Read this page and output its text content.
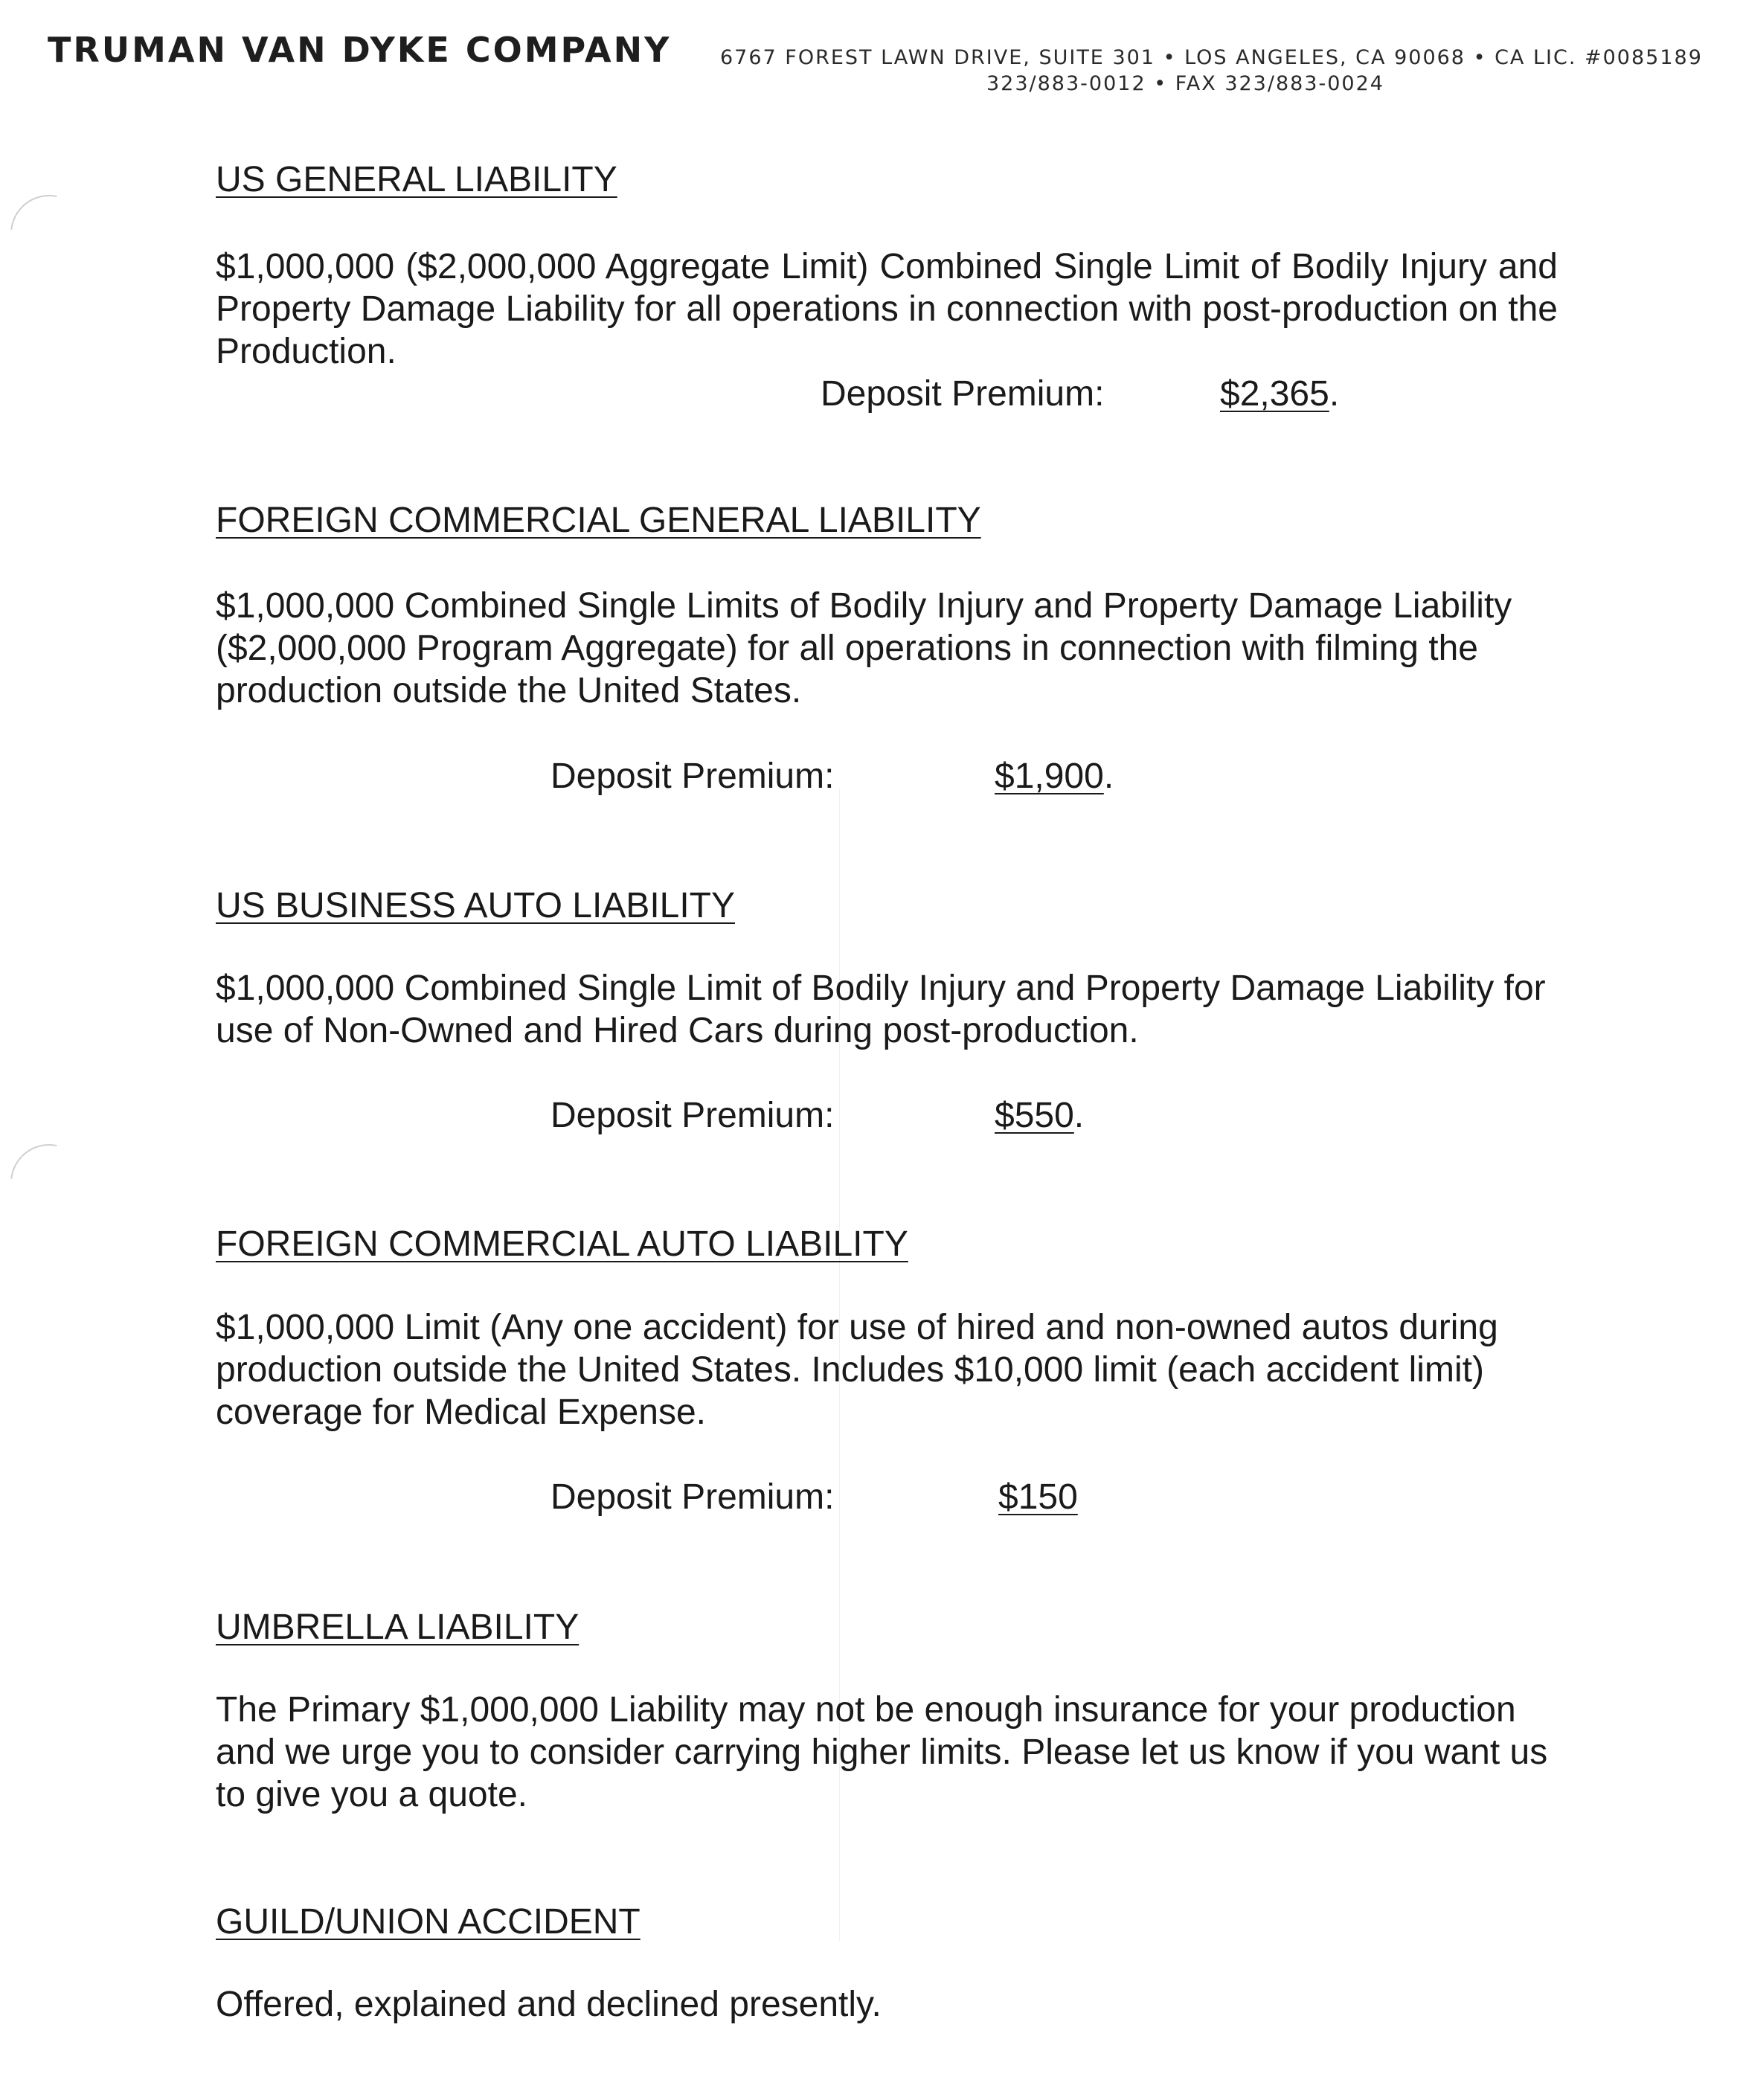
TRUMAN VAN DYKE COMPANY 6767 FOREST LAWN DRIVE, SUITE 301 • LOS ANGELES, CA 90068 • CA LIC. #0085189
323/883-0012 • FAX 323/883-0024
US GENERAL LIABILITY

$1,000,000 ($2,000,000 Aggregate Limit) Combined Single Limit of Bodily Injury and Property Damage Liability for all operations in connection with post-production on the Production.

Deposit Premium:	$2,365.
FOREIGN COMMERCIAL GENERAL LIABILITY

$1,000,000 Combined Single Limits of Bodily Injury and Property Damage Liability ($2,000,000 Program Aggregate) for all operations in connection with filming the production outside the United States.

Deposit Premium:	$1,900.
US BUSINESS AUTO LIABILITY

$1,000,000 Combined Single Limit of Bodily Injury and Property Damage Liability for use of Non-Owned and Hired Cars during post-production.

Deposit Premium:	$550.
FOREIGN COMMERCIAL AUTO LIABILITY

$1,000,000 Limit (Any one accident) for use of hired and non-owned autos during production outside the United States. Includes $10,000 limit (each accident limit) coverage for Medical Expense.

Deposit Premium:	$150
UMBRELLA LIABILITY

The Primary $1,000,000 Liability may not be enough insurance for your production and we urge you to consider carrying higher limits. Please let us know if you want us to give you a quote.

GUILD/UNION ACCIDENT

Offered, explained and declined presently.
